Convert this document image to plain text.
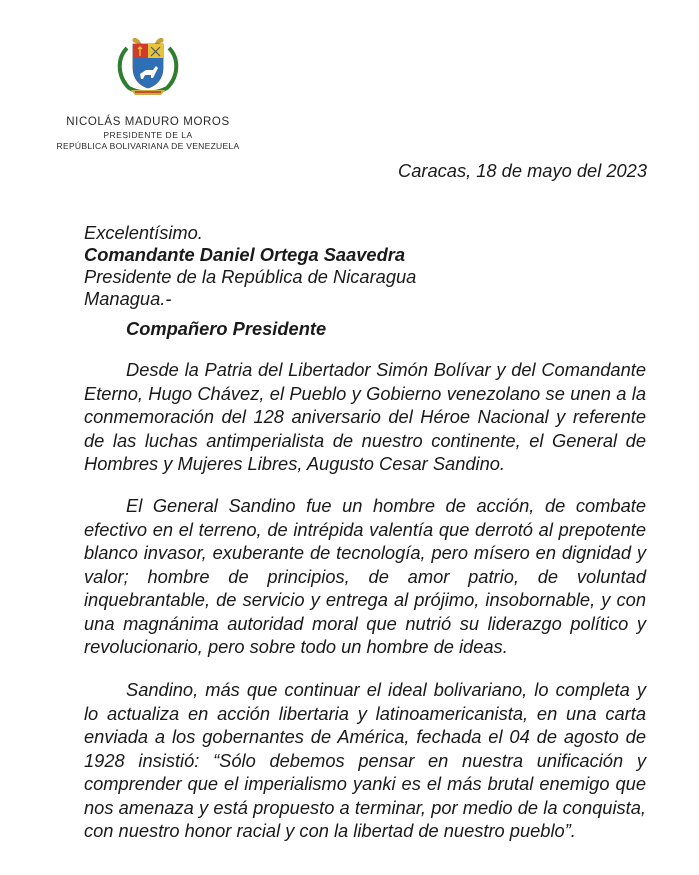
NICOLÁS MADURO MOROS
PRESIDENTE DE LA
REPÚBLICA BOLIVARIANA DE VENEZUELA
Caracas, 18 de mayo del 2023
Excelentísimo.
Comandante Daniel Ortega Saavedra
Presidente de la República de Nicaragua
Managua.-
Compañero Presidente

Desde la Patria del Libertador Simón Bolívar y del Comandante Eterno, Hugo Chávez, el Pueblo y Gobierno venezolano se unen a la conmemoración del 128 aniversario del Héroe Nacional y referente de las luchas antimperialista de nuestro continente, el General de Hombres y Mujeres Libres, Augusto Cesar Sandino.

El General Sandino fue un hombre de acción, de combate efectivo en el terreno, de intrépida valentía que derrotó al prepotente blanco invasor, exuberante de tecnología, pero mísero en dignidad y valor; hombre de principios, de amor patrio, de voluntad inquebrantable, de servicio y entrega al prójimo, insobornable, y con una magnánima autoridad moral que nutrió su liderazgo político y revolucionario, pero sobre todo un hombre de ideas.

Sandino, más que continuar el ideal bolivariano, lo completa y lo actualiza en acción libertaria y latinoamericanista, en una carta enviada a los gobernantes de América, fechada el 04 de agosto de 1928 insistió: “Sólo debemos pensar en nuestra unificación y comprender que el imperialismo yanki es el más brutal enemigo que nos amenaza y está propuesto a terminar, por medio de la conquista, con nuestro honor racial y con la libertad de nuestro pueblo”.
